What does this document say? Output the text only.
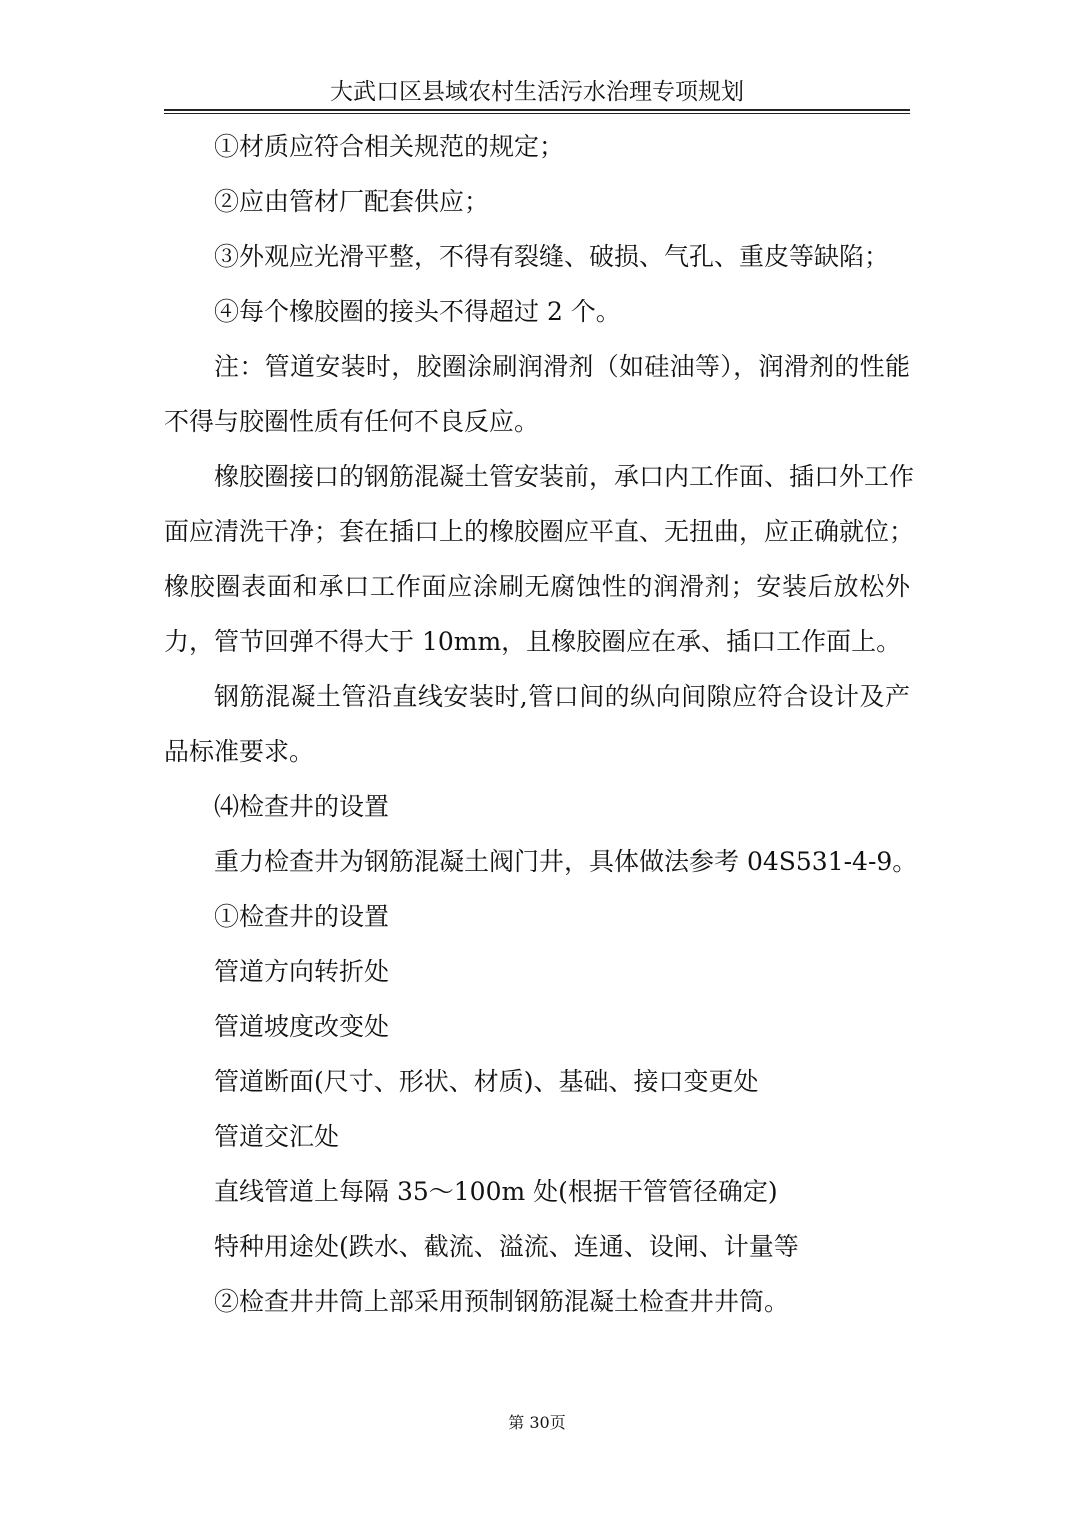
大武口区县域农村生活污水治理专项规划
①材质应符合相关规范的规定；
②应由管材厂配套供应；
③外观应光滑平整，不得有裂缝、破损、气孔、重皮等缺陷；
④每个橡胶圈的接头不得超过 2 个。
注：管道安装时，胶圈涂刷润滑剂（如硅油等），润滑剂的性能
不得与胶圈性质有任何不良反应。
橡胶圈接口的钢筋混凝土管安装前，承口内工作面、插口外工作
面应清洗干净；套在插口上的橡胶圈应平直、无扭曲，应正确就位；
橡胶圈表面和承口工作面应涂刷无腐蚀性的润滑剂；安装后放松外
力，管节回弹不得大于 10mm，且橡胶圈应在承、插口工作面上。
钢筋混凝土管沿直线安装时,管口间的纵向间隙应符合设计及产
品标准要求。
⑷检查井的设置
重力检查井为钢筋混凝土阀门井，具体做法参考 04S531-4-9。
①检查井的设置
管道方向转折处
管道坡度改变处
管道断面(尺寸、形状、材质)、基础、接口变更处
管道交汇处
直线管道上每隔 35～100m 处(根据干管管径确定)
特种用途处(跌水、截流、溢流、连通、设闸、计量等
②检查井井筒上部采用预制钢筋混凝土检查井井筒。
第 30页
